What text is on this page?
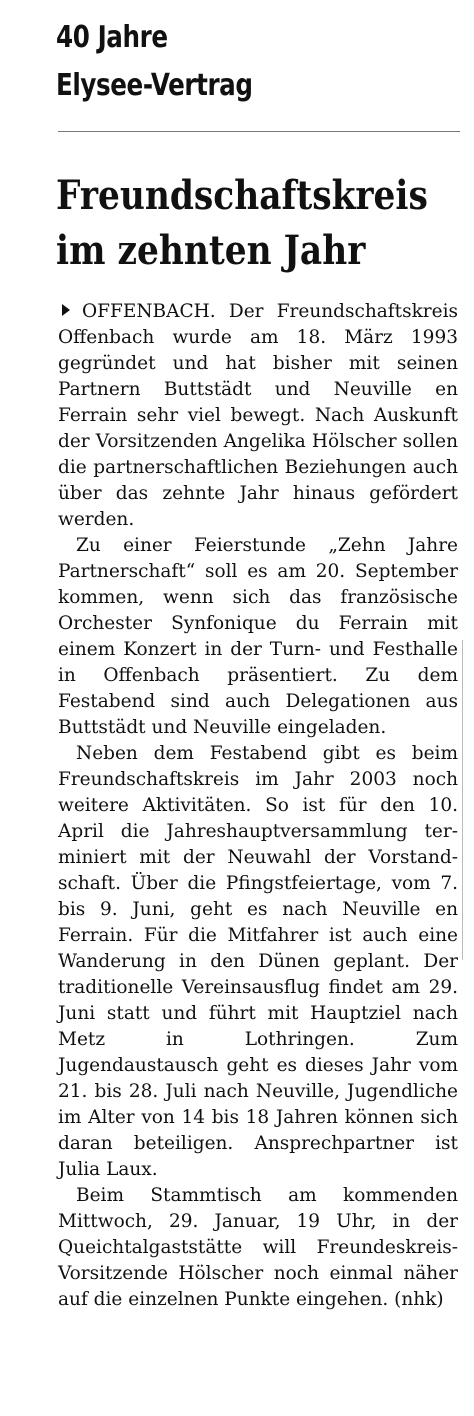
40 Jahre
Elysee-Vertrag
Freundschaftskreis
im zehnten Jahr

OFFENBACH. Der Freundschaftskreis Offenbach wurde am 18. März 1993 gegründet und hat bisher mit seinen Partnern Buttstädt und Neuville en Ferrain sehr viel bewegt. Nach Auskunft der Vorsitzenden Angelika Hölscher sollen die partnerschaftlichen Beziehungen auch über das zehnte Jahr hinaus gefördert werden.

Zu einer Feierstunde „Zehn Jahre Partnerschaft“ soll es am 20. September kommen, wenn sich das französische Orchester Synfonique du Ferrain mit einem Konzert in der Turn- und Festhalle in Offenbach präsentiert. Zu dem Festabend sind auch Delegationen aus Buttstädt und Neuville eingeladen.

Neben dem Festabend gibt es beim Freundschaftskreis im Jahr 2003 noch weitere Aktivitäten. So ist für den 10. April die Jahreshauptversammlung terminiert mit der Neuwahl der Vorstandschaft. Über die Pfingstfeiertage, vom 7. bis 9. Juni, geht es nach Neuville en Ferrain. Für die Mitfahrer ist auch eine Wanderung in den Dünen geplant. Der traditionelle Vereinsausflug findet am 29. Juni statt und führt mit Hauptziel nach Metz in Lothringen. Zum Jugendaustausch geht es dieses Jahr vom 21. bis 28. Juli nach Neuville, Jugendliche im Alter von 14 bis 18 Jahren können sich daran beteiligen. Ansprechpartner ist Julia Laux.

Beim Stammtisch am kommenden Mittwoch, 29. Januar, 19 Uhr, in der Queichtalgaststätte will Freundeskreis-Vorsitzende Hölscher noch einmal näher auf die einzelnen Punkte eingehen. (nhk)
